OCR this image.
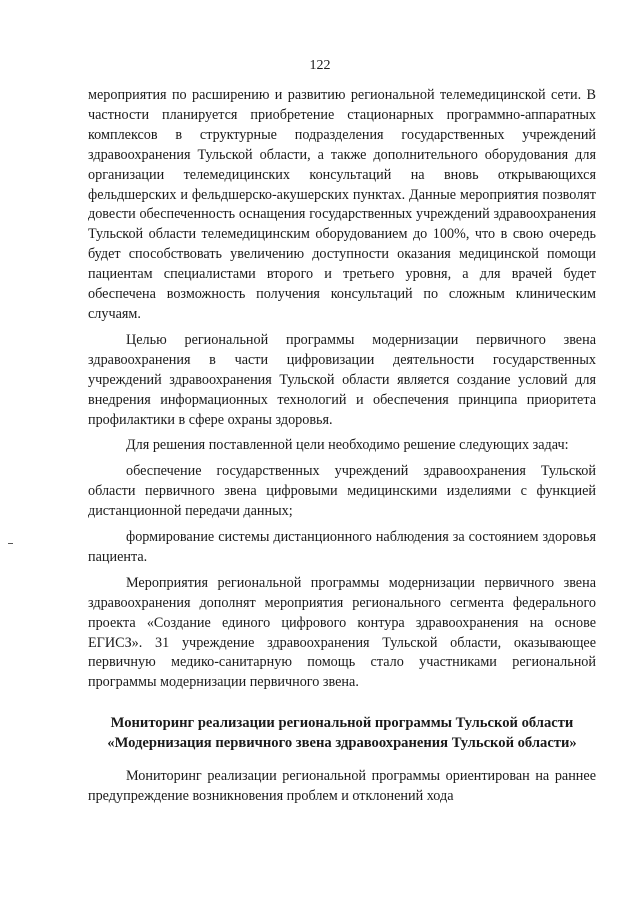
122

мероприятия по расширению и развитию региональной телемедицинской сети. В частности планируется приобретение стационарных программно-аппаратных комплексов в структурные подразделения государственных учреждений здравоохранения Тульской области, а также дополнительного оборудования для организации телемедицинских консультаций на вновь открывающихся фельдшерских и фельдшерско-акушерских пунктах. Данные мероприятия позволят довести обеспеченность оснащения государственных учреждений здравоохранения Тульской области телемедицинским оборудованием до 100%, что в свою очередь будет способствовать увеличению доступности оказания медицинской помощи пациентам специалистами второго и третьего уровня, а для врачей будет обеспечена возможность получения консультаций по сложным клиническим случаям.

Целью региональной программы модернизации первичного звена здравоохранения в части цифровизации деятельности государственных учреждений здравоохранения Тульской области является создание условий для внедрения информационных технологий и обеспечения принципа приоритета профилактики в сфере охраны здоровья.

Для решения поставленной цели необходимо решение следующих задач:

обеспечение государственных учреждений здравоохранения Тульской области первичного звена цифровыми медицинскими изделиями с функцией дистанционной передачи данных;

формирование системы дистанционного наблюдения за состоянием здоровья пациента.

Мероприятия региональной программы модернизации первичного звена здравоохранения дополнят мероприятия регионального сегмента федерального проекта «Создание единого цифрового контура здравоохранения на основе ЕГИСЗ». 31 учреждение здравоохранения Тульской области, оказывающее первичную медико-санитарную помощь стало участниками региональной программы модернизации первичного звена.

Мониторинг реализации региональной программы Тульской области
«Модернизация первичного звена здравоохранения Тульской области»

Мониторинг реализации региональной программы ориентирован на раннее предупреждение возникновения проблем и отклонений хода
